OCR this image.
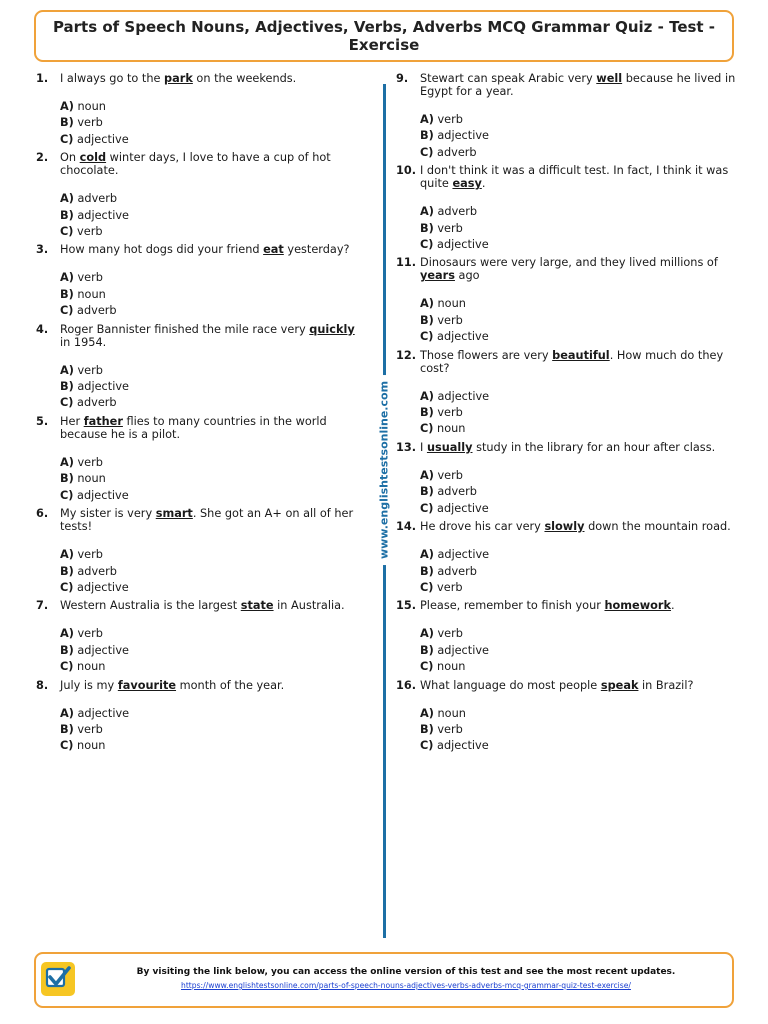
Parts of Speech Nouns, Adjectives, Verbs, Adverbs MCQ Grammar Quiz - Test - Exercise
1.	I always go to the park on the weekends.
A) noun
B) verb
C) adjective
2.	On cold winter days, I love to have a cup of hot chocolate.
A) adverb
B) adjective
C) verb
3.	How many hot dogs did your friend eat yesterday?
A) verb
B) noun
C) adverb
4.	Roger Bannister finished the mile race very quickly in 1954.
A) verb
B) adjective
C) adverb
5.	Her father flies to many countries in the world because he is a pilot.
A) verb
B) noun
C) adjective
6.	My sister is very smart. She got an A+ on all of her tests!
A) verb
B) adverb
C) adjective
7.	Western Australia is the largest state in Australia.
A) verb
B) adjective
C) noun
8.	July is my favourite month of the year.
A) adjective
B) verb
C) noun
www.englishtestsonline.com
9.	Stewart can speak Arabic very well because he lived in Egypt for a year.
A) verb
B) adjective
C) adverb
10. I don't think it was a difficult test. In fact, I think it was quite easy.
A) adverb
B) verb
C) adjective
11. Dinosaurs were very large, and they lived millions of years ago
A) noun
B) verb
C) adjective
12. Those flowers are very beautiful. How much do they cost?
A) adjective
B) verb
C) noun
13. I usually study in the library for an hour after class.
A) verb
B) adverb
C) adjective
14. He drove his car very slowly down the mountain road.
A) adjective
B) adverb
C) verb
15. Please, remember to finish your homework.
A) verb
B) adjective
C) noun
16. What language do most people speak in Brazil?
A) noun
B) verb
C) adjective
By visiting the link below, you can access the online version of this test and see the most recent updates.
https://www.englishtestsonline.com/parts-of-speech-nouns-adjectives-verbs-adverbs-mcq-grammar-quiz-test-exercise/
